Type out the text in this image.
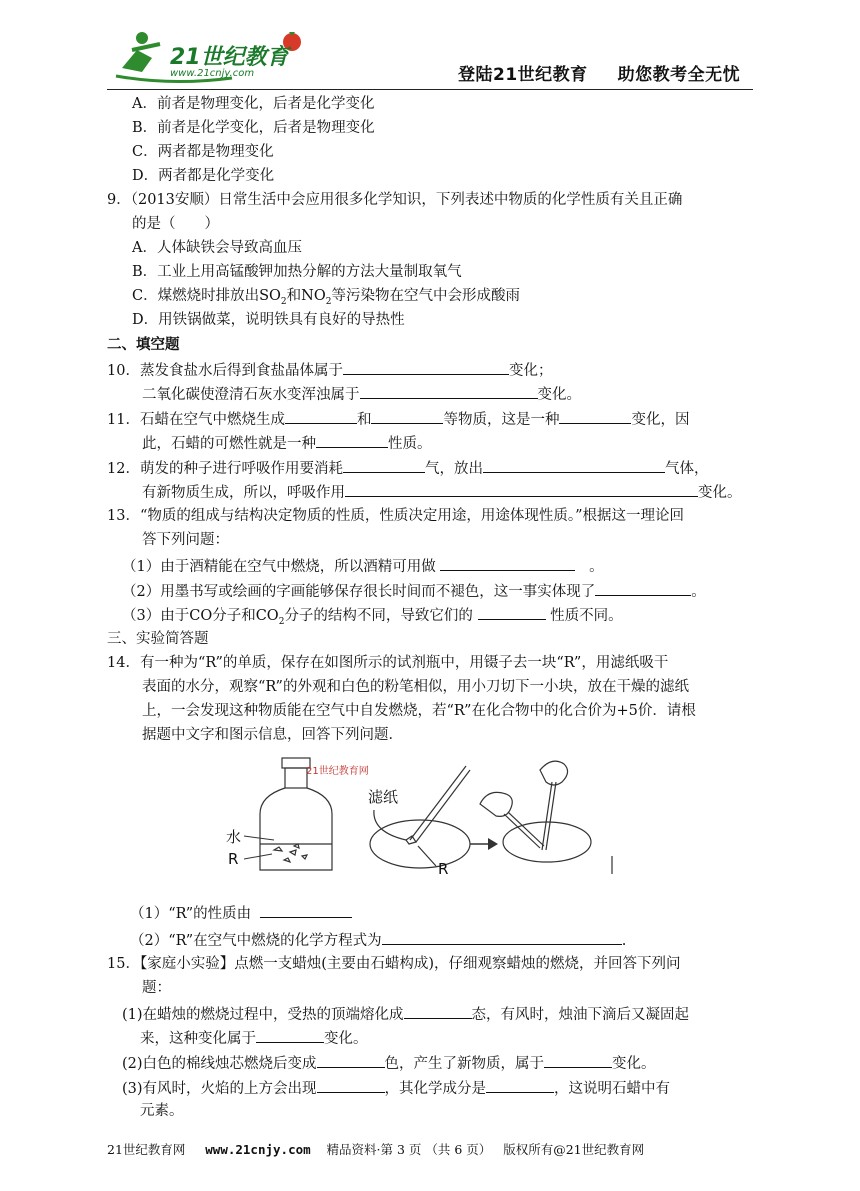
21世纪教育
www.21cnjy.com	登陆21世纪教育 助您教考全无忧
A．前者是物理变化，后者是化学变化
B．前者是化学变化，后者是物理变化
C．两者都是物理变化
D．两者都是化学变化
9．（2013安顺）日常生活中会应用很多化学知识，下列表述中物质的化学性质有关且正确
的是（　　）
A．人体缺铁会导致高血压
B．工业上用高锰酸钾加热分解的方法大量制取氧气
C．煤燃烧时排放出$SO_2$和$NO_2$等污染物在空气中会形成酸雨
D．用铁锅做菜，说明铁具有良好的导热性
二、填空题
10．蒸发食盐水后得到食盐晶体属于	变化；
二氧化碳使澄清石灰水变浑浊属于	变化。
11．石蜡在空气中燃烧生成	和	等物质，这是一种	变化，因
此，石蜡的可燃性就是一种	性质。
12．萌发的种子进行呼吸作用要消耗	气，放出	气体，
有新物质生成，所以，呼吸作用	变化。
13．“物质的组成与结构决定物质的性质，性质决定用途，用途体现性质。”根据这一理论回
答下列问题：
（1）由于酒精能在空气中燃烧，所以酒精可用做	。
（2）用墨书写或绘画的字画能够保存很长时间而不褪色，这一事实体现了	。
（3）由于CO分子和$CO_2$分子的结构不同，导致它们的	性质不同。
三、实验简答题
14．有一种为“R”的单质，保存在如图所示的试剂瓶中，用镊子去一块“R”，用滤纸吸干
表面的水分，观察“R”的外观和白色的粉笔相似，用小刀切下一小块，放在干燥的滤纸
上，一会发现这种物质能在空气中自发燃烧，若“R”在化合物中的化合价为+5价．请根
据题中文字和图示信息，回答下列问题．
21世纪教育网
水
R
滤纸
R
（1）“R”的性质由
（2）“R”在空气中燃烧的化学方程式为	.
15．【家庭小实验】点燃一支蜡烛(主要由石蜡构成)，仔细观察蜡烛的燃烧，并回答下列问
题：
(1)在蜡烛的燃烧过程中，受热的顶端熔化成	态，有风时，烛油下滴后又凝固起
来，这种变化属于	变化。
(2)白色的棉线烛芯燃烧后变成	色，产生了新物质，属于	变化。
(3)有风时，火焰的上方会出现	，其化学成分是	，这说明石蜡中有
元素。
21世纪教育网 www.21cnjy.com 精品资料·第 3 页 （共 6 页） 版权所有@21世纪教育网
